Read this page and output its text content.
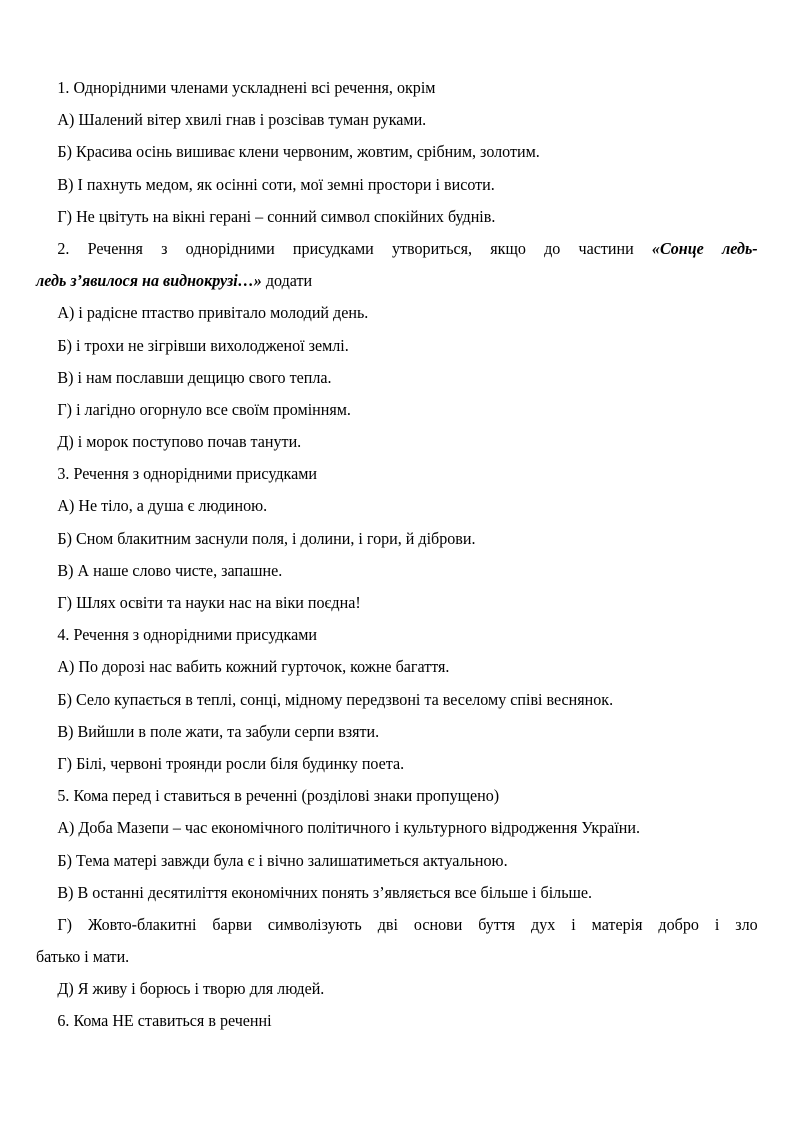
1. Однорідними членами ускладнені всі речення, окрім
А) Шалений вітер хвилі гнав і розсівав туман руками.
Б) Красива осінь вишиває клени червоним, жовтим, срібним, золотим.
В) І пахнуть медом, як осінні соти, мої земні простори і висоти.
Г) Не цвітуть на вікні герані – сонний символ спокійних буднів.
2. Речення з однорідними присудками утвориться, якщо до частини «Сонце ледь-
ледь з’явилося на виднокрузі…» додати
А) і радісне птаство привітало молодий день.
Б) і трохи не зігрівши вихолодженої землі.
В) і нам пославши дещицю свого тепла.
Г) і лагідно огорнуло все своїм промінням.
Д) і морок поступово почав танути.
3. Речення з однорідними присудками
А) Не тіло, а душа є людиною.
Б) Сном блакитним заснули поля, і долини, і гори, й діброви.
В) А наше слово чисте, запашне.
Г) Шлях освіти та науки нас на віки поєдна!
4. Речення з однорідними присудками
А) По дорозі нас вабить кожний гурточок, кожне багаття.
Б) Село купається в теплі, сонці, мідному передзвоні та веселому співі веснянок.
В) Вийшли в поле жати, та забули серпи взяти.
Г) Білі, червоні троянди росли біля будинку поета.
5. Кома перед і ставиться в реченні (розділові знаки пропущено)
А) Доба Мазепи – час економічного політичного і культурного відродження України.
Б) Тема матері завжди була є і вічно залишатиметься актуальною.
В) В останні десятиліття економічних понять з’являється все більше і більше.
Г) Жовто-блакитні барви символізують дві основи буття дух і матерія добро і зло
батько і мати.
Д) Я живу і борюсь і творю для людей.
6. Кома НЕ ставиться в реченні
